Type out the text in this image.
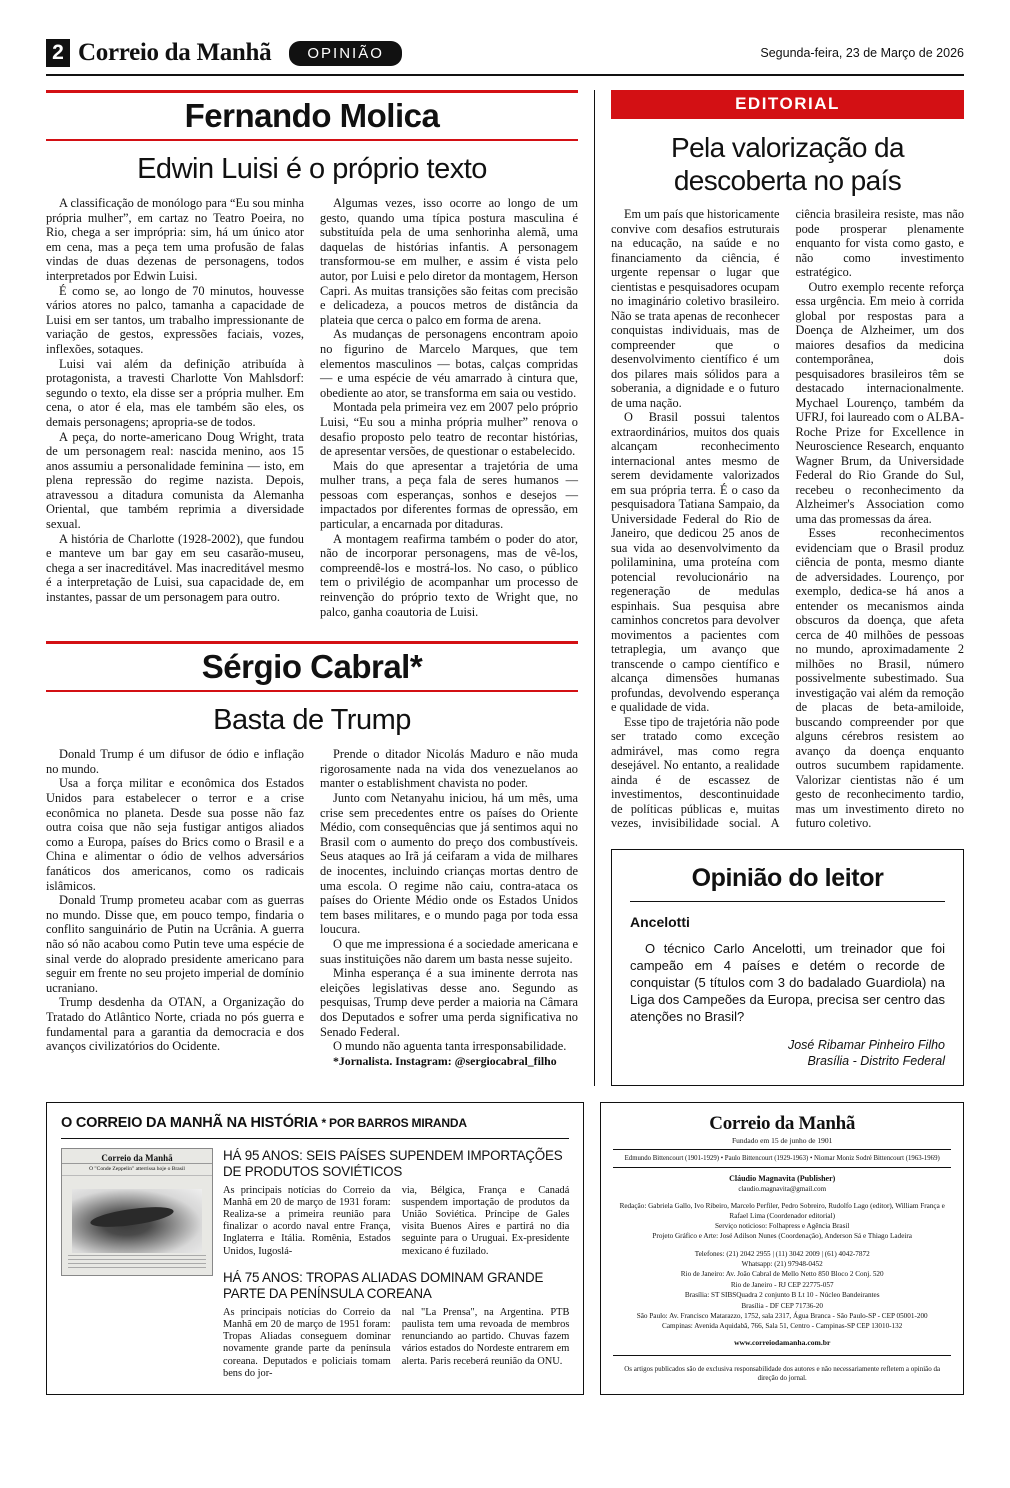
2 Correio da Manhã	OPINIÃO	Segunda-feira, 23 de Março de 2026
Fernando Molica
Edwin Luisi é o próprio texto

A classificação de monólogo para “Eu sou minha própria mulher”, em cartaz no Teatro Poeira, no Rio, chega a ser imprópria: sim, há um único ator em cena, mas a peça tem uma profusão de falas vindas de duas dezenas de personagens, todos interpretados por Edwin Luisi.

É como se, ao longo de 70 minutos, houvesse vários atores no palco, tamanha a capacidade de Luisi em ser tantos, um trabalho impressionante de variação de gestos, expressões faciais, vozes, inflexões, sotaques.

Luisi vai além da definição atribuída à protagonista, a travesti Charlotte Von Mahlsdorf: segundo o texto, ela disse ser a própria mulher. Em cena, o ator é ela, mas ele também são eles, os demais personagens; apropria-se de todos.

A peça, do norte-americano Doug Wright, trata de um personagem real: nascida menino, aos 15 anos assumiu a personalidade feminina — isto, em plena repressão do regime nazista. Depois, atravessou a ditadura comunista da Alemanha Oriental, que também reprimia a diversidade sexual.

A história de Charlotte (1928-2002), que fundou e manteve um bar gay em seu casarão-museu, chega a ser inacreditável. Mas inacreditável mesmo é a interpretação de Luisi, sua capacidade de, em instantes, passar de um personagem para outro.

Algumas vezes, isso ocorre ao longo de um gesto, quando uma típica postura masculina é substituída pela de uma senhorinha alemã, uma daquelas de histórias infantis. A personagem transformou-se em mulher, e assim é vista pelo autor, por Luisi e pelo diretor da montagem, Herson Capri. As muitas transições são feitas com precisão e delicadeza, a poucos metros de distância da plateia que cerca o palco em forma de arena.

As mudanças de personagens encontram apoio no figurino de Marcelo Marques, que tem elementos masculinos — botas, calças compridas — e uma espécie de véu amarrado à cintura que, obediente ao ator, se transforma em saia ou vestido.

Montada pela primeira vez em 2007 pelo próprio Luisi, “Eu sou a minha própria mulher” renova o desafio proposto pelo teatro de recontar histórias, de apresentar versões, de questionar o estabelecido.

Mais do que apresentar a trajetória de uma mulher trans, a peça fala de seres humanos — pessoas com esperanças, sonhos e desejos — impactados por diferentes formas de opressão, em particular, a encarnada por ditaduras.

A montagem reafirma também o poder do ator, não de incorporar personagens, mas de vê-los, compreendê-los e mostrá-los. No caso, o público tem o privilégio de acompanhar um processo de reinvenção do próprio texto de Wright que, no palco, ganha coautoria de Luisi.

Sérgio Cabral*
Basta de Trump

Donald Trump é um difusor de ódio e inflação no mundo.

Usa a força militar e econômica dos Estados Unidos para estabelecer o terror e a crise econômica no planeta. Desde sua posse não faz outra coisa que não seja fustigar antigos aliados como a Europa, países do Brics como o Brasil e a China e alimentar o ódio de velhos adversários fanáticos dos americanos, como os radicais islâmicos.

Donald Trump prometeu acabar com as guerras no mundo. Disse que, em pouco tempo, findaria o conflito sanguinário de Putin na Ucrânia. A guerra não só não acabou como Putin teve uma espécie de sinal verde do aloprado presidente americano para seguir em frente no seu projeto imperial de domínio ucraniano.

Trump desdenha da OTAN, a Organização do Tratado do Atlântico Norte, criada no pós guerra e fundamental para a garantia da democracia e dos avanços civilizatórios do Ocidente.

Prende o ditador Nicolás Maduro e não muda rigorosamente nada na vida dos venezuelanos ao manter o establishment chavista no poder.

Junto com Netanyahu iniciou, há um mês, uma crise sem precedentes entre os países do Oriente Médio, com consequências que já sentimos aqui no Brasil com o aumento do preço dos combustíveis. Seus ataques ao Irã já ceifaram a vida de milhares de inocentes, incluindo crianças mortas dentro de uma escola. O regime não caiu, contra-ataca os países do Oriente Médio onde os Estados Unidos tem bases militares, e o mundo paga por toda essa loucura.

O que me impressiona é a sociedade americana e suas instituições não darem um basta nesse sujeito.

Minha esperança é a sua iminente derrota nas eleições legislativas desse ano. Segundo as pesquisas, Trump deve perder a maioria na Câmara dos Deputados e sofrer uma perda significativa no Senado Federal.

O mundo não aguenta tanta irresponsabilidade.

*Jornalista. Instagram: @sergiocabral_filho

EDITORIAL
Pela valorização da descoberta no país

Em um país que historicamente convive com desafios estruturais na educação, na saúde e no financiamento da ciência, é urgente repensar o lugar que cientistas e pesquisadores ocupam no imaginário coletivo brasileiro. Não se trata apenas de reconhecer conquistas individuais, mas de compreender que o desenvolvimento científico é um dos pilares mais sólidos para a soberania, a dignidade e o futuro de uma nação.

O Brasil possui talentos extraordinários, muitos dos quais alcançam reconhecimento internacional antes mesmo de serem devidamente valorizados em sua própria terra. É o caso da pesquisadora Tatiana Sampaio, da Universidade Federal do Rio de Janeiro, que dedicou 25 anos de sua vida ao desenvolvimento da polilaminina, uma proteína com potencial revolucionário na regeneração de medulas espinhais. Sua pesquisa abre caminhos concretos para devolver movimentos a pacientes com tetraplegia, um avanço que transcende o campo científico e alcança dimensões humanas profundas, devolvendo esperança e qualidade de vida.

Esse tipo de trajetória não pode ser tratado como exceção admirável, mas como regra desejável. No entanto, a realidade ainda é de escassez de investimentos, descontinuidade de políticas públicas e, muitas vezes, invisibilidade social. A ciência brasileira resiste, mas não pode prosperar plenamente enquanto for vista como gasto, e não como investimento estratégico.

Outro exemplo recente reforça essa urgência. Em meio à corrida global por respostas para a Doença de Alzheimer, um dos maiores desafios da medicina contemporânea, dois pesquisadores brasileiros têm se destacado internacionalmente. Mychael Lourenço, também da UFRJ, foi laureado com o ALBA-Roche Prize for Excellence in Neuroscience Research, enquanto Wagner Brum, da Universidade Federal do Rio Grande do Sul, recebeu o reconhecimento da Alzheimer's Association como uma das promessas da área.

Esses reconhecimentos evidenciam que o Brasil produz ciência de ponta, mesmo diante de adversidades. Lourenço, por exemplo, dedica-se há anos a entender os mecanismos ainda obscuros da doença, que afeta cerca de 40 milhões de pessoas no mundo, aproximadamente 2 milhões no Brasil, número possivelmente subestimado. Sua investigação vai além da remoção de placas de beta-amiloide, buscando compreender por que alguns cérebros resistem ao avanço da doença enquanto outros sucumbem rapidamente. Valorizar cientistas não é um gesto de reconhecimento tardio, mas um investimento direto no futuro coletivo.

Opinião do leitor
Ancelotti

O técnico Carlo Ancelotti, um treinador que foi campeão em 4 países e detém o recorde de conquistar (5 títulos com 3 do badalado Guardiola) na Liga dos Campeões da Europa, precisa ser centro das atenções no Brasil?

José Ribamar Pinheiro Filho
Brasília - Distrito Federal
O CORREIO DA MANHÃ NA HISTÓRIA * POR BARROS MIRANDA
Correio da Manhã
O "Conde Zeppelin" atterrissa hoje o Brasil
HÁ 95 ANOS: SEIS PAÍSES SUPENDEM IMPORTAÇÕES DE PRODUTOS SOVIÉTICOS

As principais notícias do Correio da Manhã em 20 de março de 1931 foram: Realiza-se a primeira reunião para finalizar o acordo naval entre França, Inglaterra e Itália. Romênia, Estados Unidos, Iugoslá-

via, Bélgica, França e Canadá suspendem importação de produtos da União Soviética. Príncipe de Gales visita Buenos Aires e partirá no dia seguinte para o Uruguai. Ex-presidente mexicano é fuzilado.

HÁ 75 ANOS: TROPAS ALIADAS DOMINAM GRANDE PARTE DA PENÍNSULA COREANA

As principais notícias do Correio da Manhã em 20 de março de 1951 foram: Tropas Aliadas conseguem dominar novamente grande parte da península coreana. Deputados e policiais tomam bens do jor-

nal "La Prensa", na Argentina. PTB paulista tem uma revoada de membros renunciando ao partido. Chuvas fazem vários estados do Nordeste entrarem em alerta. Paris receberá reunião da ONU.

Correio da Manhã
Fundado em 15 de junho de 1901
Edmundo Bittencourt (1901-1929) • Paulo Bittencourt (1929-1963) • Niomar Moniz Sodré Bittencourt (1963-1969)
Cláudio Magnavita (Publisher)
claudio.magnavita@gmail.com
Redação: Gabriela Gallo, Ivo Ribeiro, Marcelo Perfiler, Pedro Sobreiro, Rudolfo Lago (editor), William França e Rafael Lima (Coordenador editorial)
Serviço noticioso: Folhapress e Agência Brasil
Projeto Gráfico e Arte: José Adilson Nunes (Coordenação), Anderson Sá e Thiago Ladeira
Telefones: (21) 2042 2955 | (11) 3042 2009 | (61) 4042-7872
Whatsapp: (21) 97948-0452
Rio de Janeiro: Av. João Cabral de Mello Netto 850 Bloco 2 Conj. 520
Rio de Janeiro - RJ CEP 22775-057
Brasília: ST SIBSQuadra 2 conjunto B Lt 10 - Núcleo Bandeirantes
Brasília - DF CEP 71736-20
São Paulo: Av. Francisco Matarazzo, 1752, sala 2317, Água Branca - São Paulo-SP - CEP 05001-200
Campinas: Avenida Aquidabã, 766, Sala 51, Centro - Campinas-SP CEP 13010-132
www.correiodamanha.com.br
Os artigos publicados são de exclusiva responsabilidade dos autores e não necessariamente refletem a opinião da direção do jornal.
